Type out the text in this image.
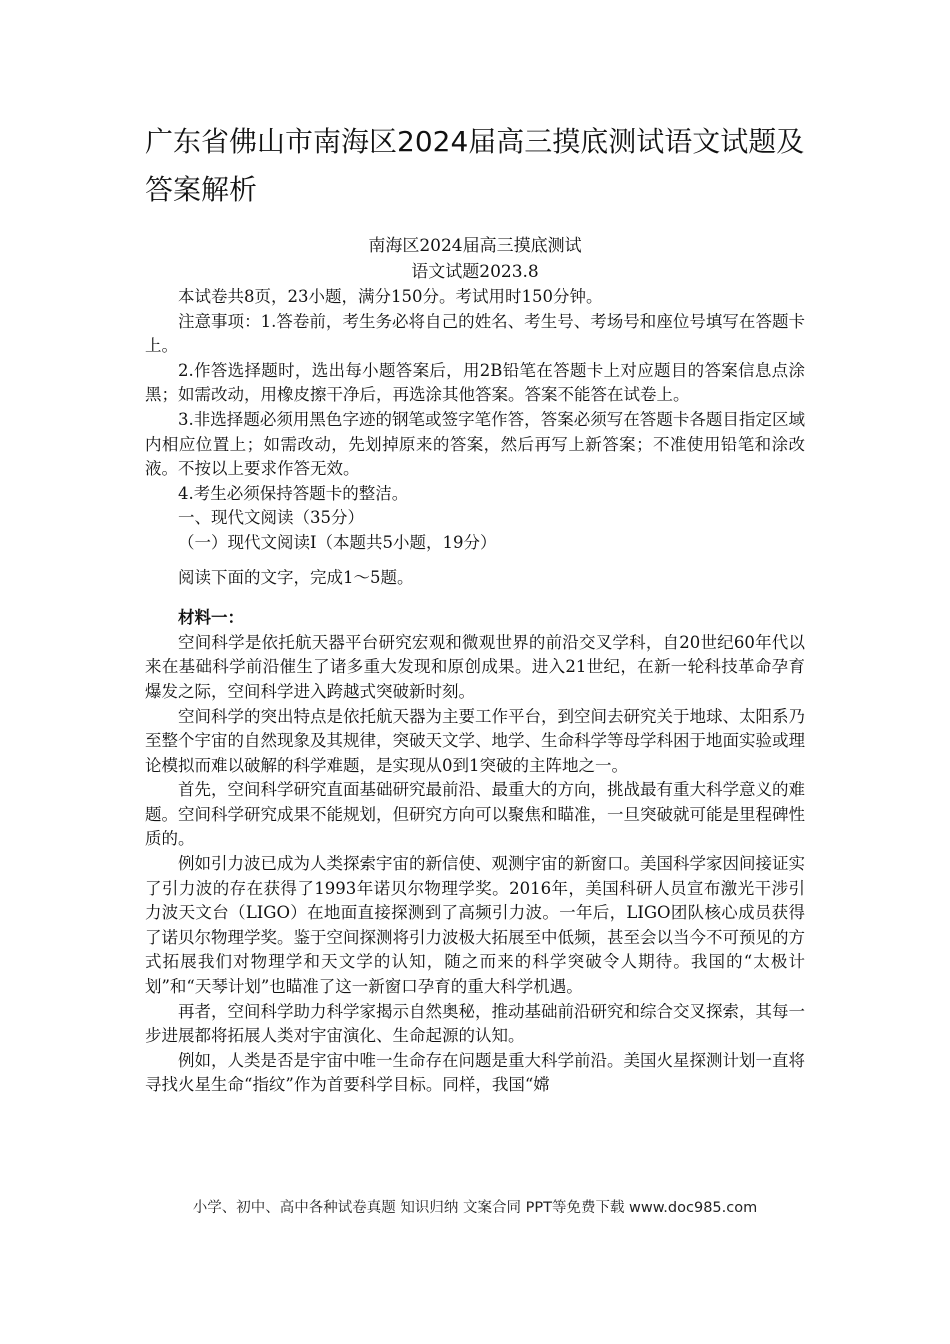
广东省佛山市南海区2024届高三摸底测试语文试题及答案解析
南海区2024届高三摸底测试
语文试题2023.8

本试卷共8页，23小题，满分150分。考试用时150分钟。

注意事项：1.答卷前，考生务必将自己的姓名、考生号、考场号和座位号填写在答题卡上。

2.作答选择题时，选出每小题答案后，用2B铅笔在答题卡上对应题目的答案信息点涂黑；如需改动，用橡皮擦干净后，再选涂其他答案。答案不能答在试卷上。

3.非选择题必须用黑色字迹的钢笔或签字笔作答，答案必须写在答题卡各题目指定区域内相应位置上；如需改动，先划掉原来的答案，然后再写上新答案；不准使用铅笔和涂改液。不按以上要求作答无效。

4.考生必须保持答题卡的整洁。

一、现代文阅读（35分）

（一）现代文阅读Ⅰ（本题共5小题，19分）

阅读下面的文字，完成1～5题。

材料一：

空间科学是依托航天器平台研究宏观和微观世界的前沿交叉学科，自20世纪60年代以来在基础科学前沿催生了诸多重大发现和原创成果。进入21世纪，在新一轮科技革命孕育爆发之际，空间科学进入跨越式突破新时刻。

空间科学的突出特点是依托航天器为主要工作平台，到空间去研究关于地球、太阳系乃至整个宇宙的自然现象及其规律，突破天文学、地学、生命科学等母学科困于地面实验或理论模拟而难以破解的科学难题，是实现从0到1突破的主阵地之一。

首先，空间科学研究直面基础研究最前沿、最重大的方向，挑战最有重大科学意义的难题。空间科学研究成果不能规划，但研究方向可以聚焦和瞄准，一旦突破就可能是里程碑性质的。

例如引力波已成为人类探索宇宙的新信使、观测宇宙的新窗口。美国科学家因间接证实了引力波的存在获得了1993年诺贝尔物理学奖。2016年，美国科研人员宣布激光干涉引力波天文台（LIGO）在地面直接探测到了高频引力波。一年后，LIGO团队核心成员获得了诺贝尔物理学奖。鉴于空间探测将引力波极大拓展至中低频，甚至会以当今不可预见的方式拓展我们对物理学和天文学的认知，随之而来的科学突破令人期待。我国的“太极计划”和“天琴计划”也瞄准了这一新窗口孕育的重大科学机遇。

再者，空间科学助力科学家揭示自然奥秘，推动基础前沿研究和综合交叉探索，其每一步进展都将拓展人类对宇宙演化、生命起源的认知。

例如，人类是否是宇宙中唯一生命存在问题是重大科学前沿。美国火星探测计划一直将寻找火星生命“指纹”作为首要科学目标。同样，我国“嫦

小学、初中、高中各种试卷真题 知识归纳 文案合同 PPT等免费下载 www.doc985.com
